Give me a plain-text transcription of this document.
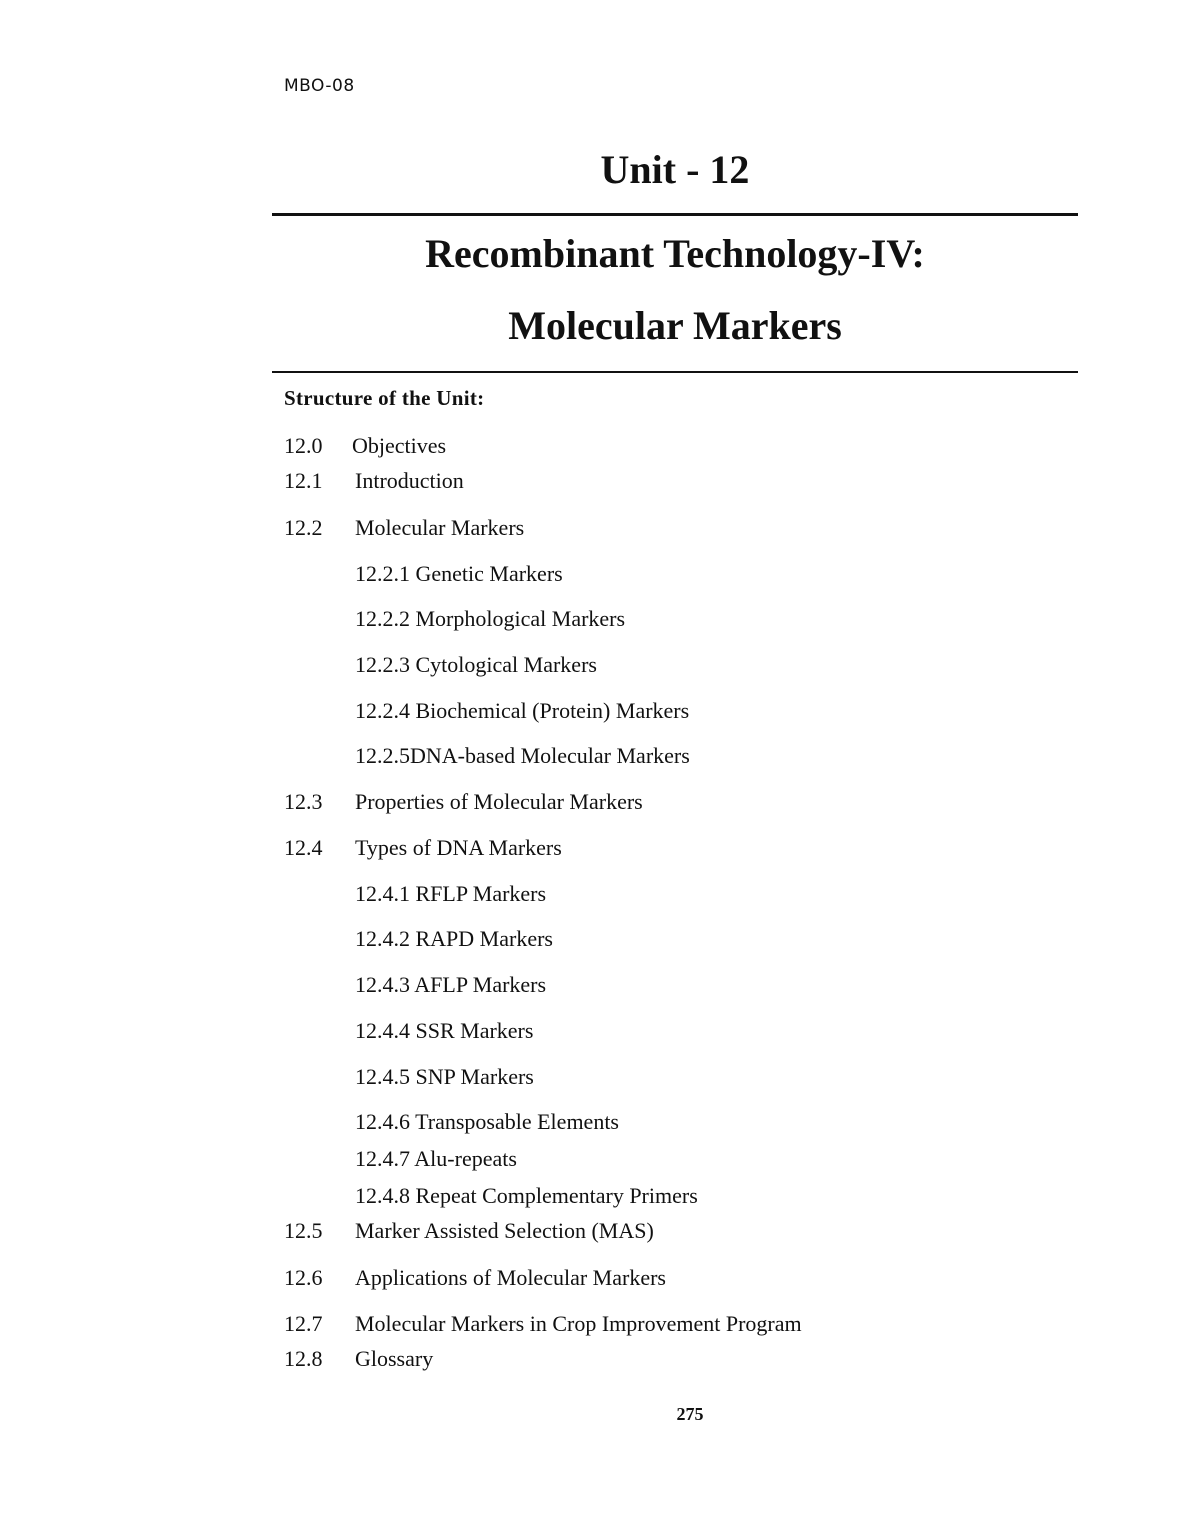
MBO-08
Unit - 12
Recombinant Technology-IV:
Molecular Markers
Structure of the Unit:
12.0 Objectives
12.1 Introduction
12.2 Molecular Markers
12.2.1 Genetic Markers
12.2.2 Morphological Markers
12.2.3 Cytological Markers
12.2.4 Biochemical (Protein) Markers
12.2.5DNA-based Molecular Markers
12.3 Properties of Molecular Markers
12.4 Types of DNA Markers
12.4.1 RFLP Markers
12.4.2 RAPD Markers
12.4.3 AFLP Markers
12.4.4 SSR Markers
12.4.5 SNP Markers
12.4.6 Transposable Elements
12.4.7 Alu-repeats
12.4.8 Repeat Complementary Primers
12.5 Marker Assisted Selection (MAS)
12.6 Applications of Molecular Markers
12.7 Molecular Markers in Crop Improvement Program
12.8 Glossary
275
